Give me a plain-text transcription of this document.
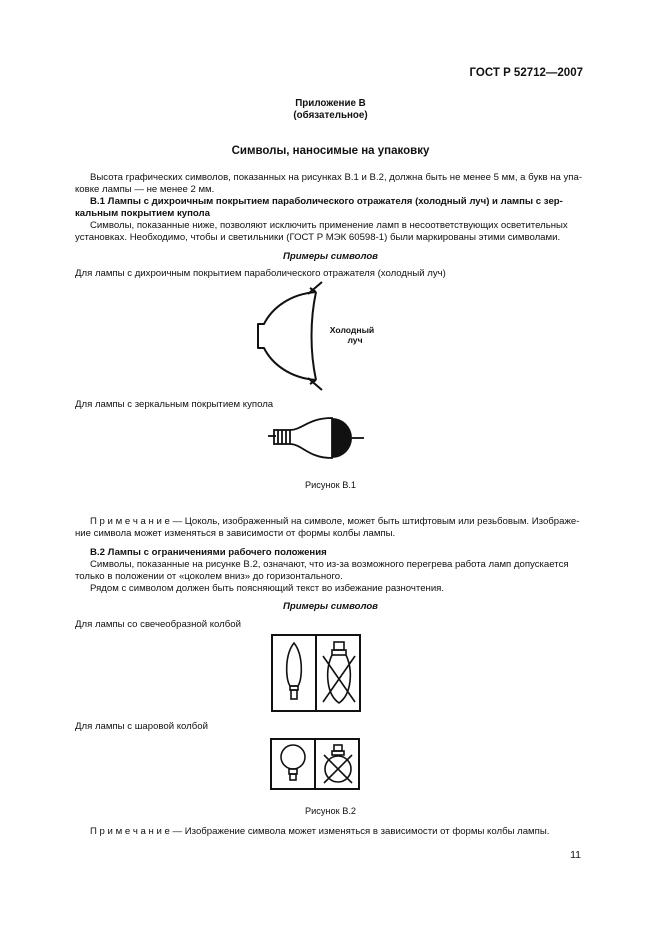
ГОСТ Р 52712—2007
Приложение В
(обязательное)
Символы, наносимые на упаковку
Высота графических символов, показанных на рисунках В.1 и В.2, должна быть не менее 5 мм, а букв на упа-
ковке лампы — не менее 2 мм.
В.1 Лампы с дихроичным покрытием параболического отражателя (холодный луч) и лампы с зер-
кальным покрытием купола
Символы, показанные ниже, позволяют исключить применение ламп в несоответствующих осветительных
установках. Необходимо, чтобы и светильники (ГОСТ Р МЭК 60598-1) были маркированы этими символами.
Примеры символов
Для лампы с дихроичным покрытием параболического отражателя (холодный луч)
Холодный
луч
Для лампы с зеркальным покрытием купола
Рисунок В.1
П р и м е ч а н и е — Цоколь, изображенный на символе, может быть штифтовым или резьбовым. Изображе-
ние символа может изменяться в зависимости от формы колбы лампы.
В.2 Лампы с ограничениями рабочего положения
Символы, показанные на рисунке В.2, означают, что из-за возможного перегрева работа ламп допускается
только в положении от «цоколем вниз» до горизонтального.
Рядом с символом должен быть поясняющий текст во избежание разночтения.
Примеры символов
Для лампы со свечеобразной колбой
Для лампы с шаровой колбой
Рисунок В.2
П р и м е ч а н и е — Изображение символа может изменяться в зависимости от формы колбы лампы.
11
